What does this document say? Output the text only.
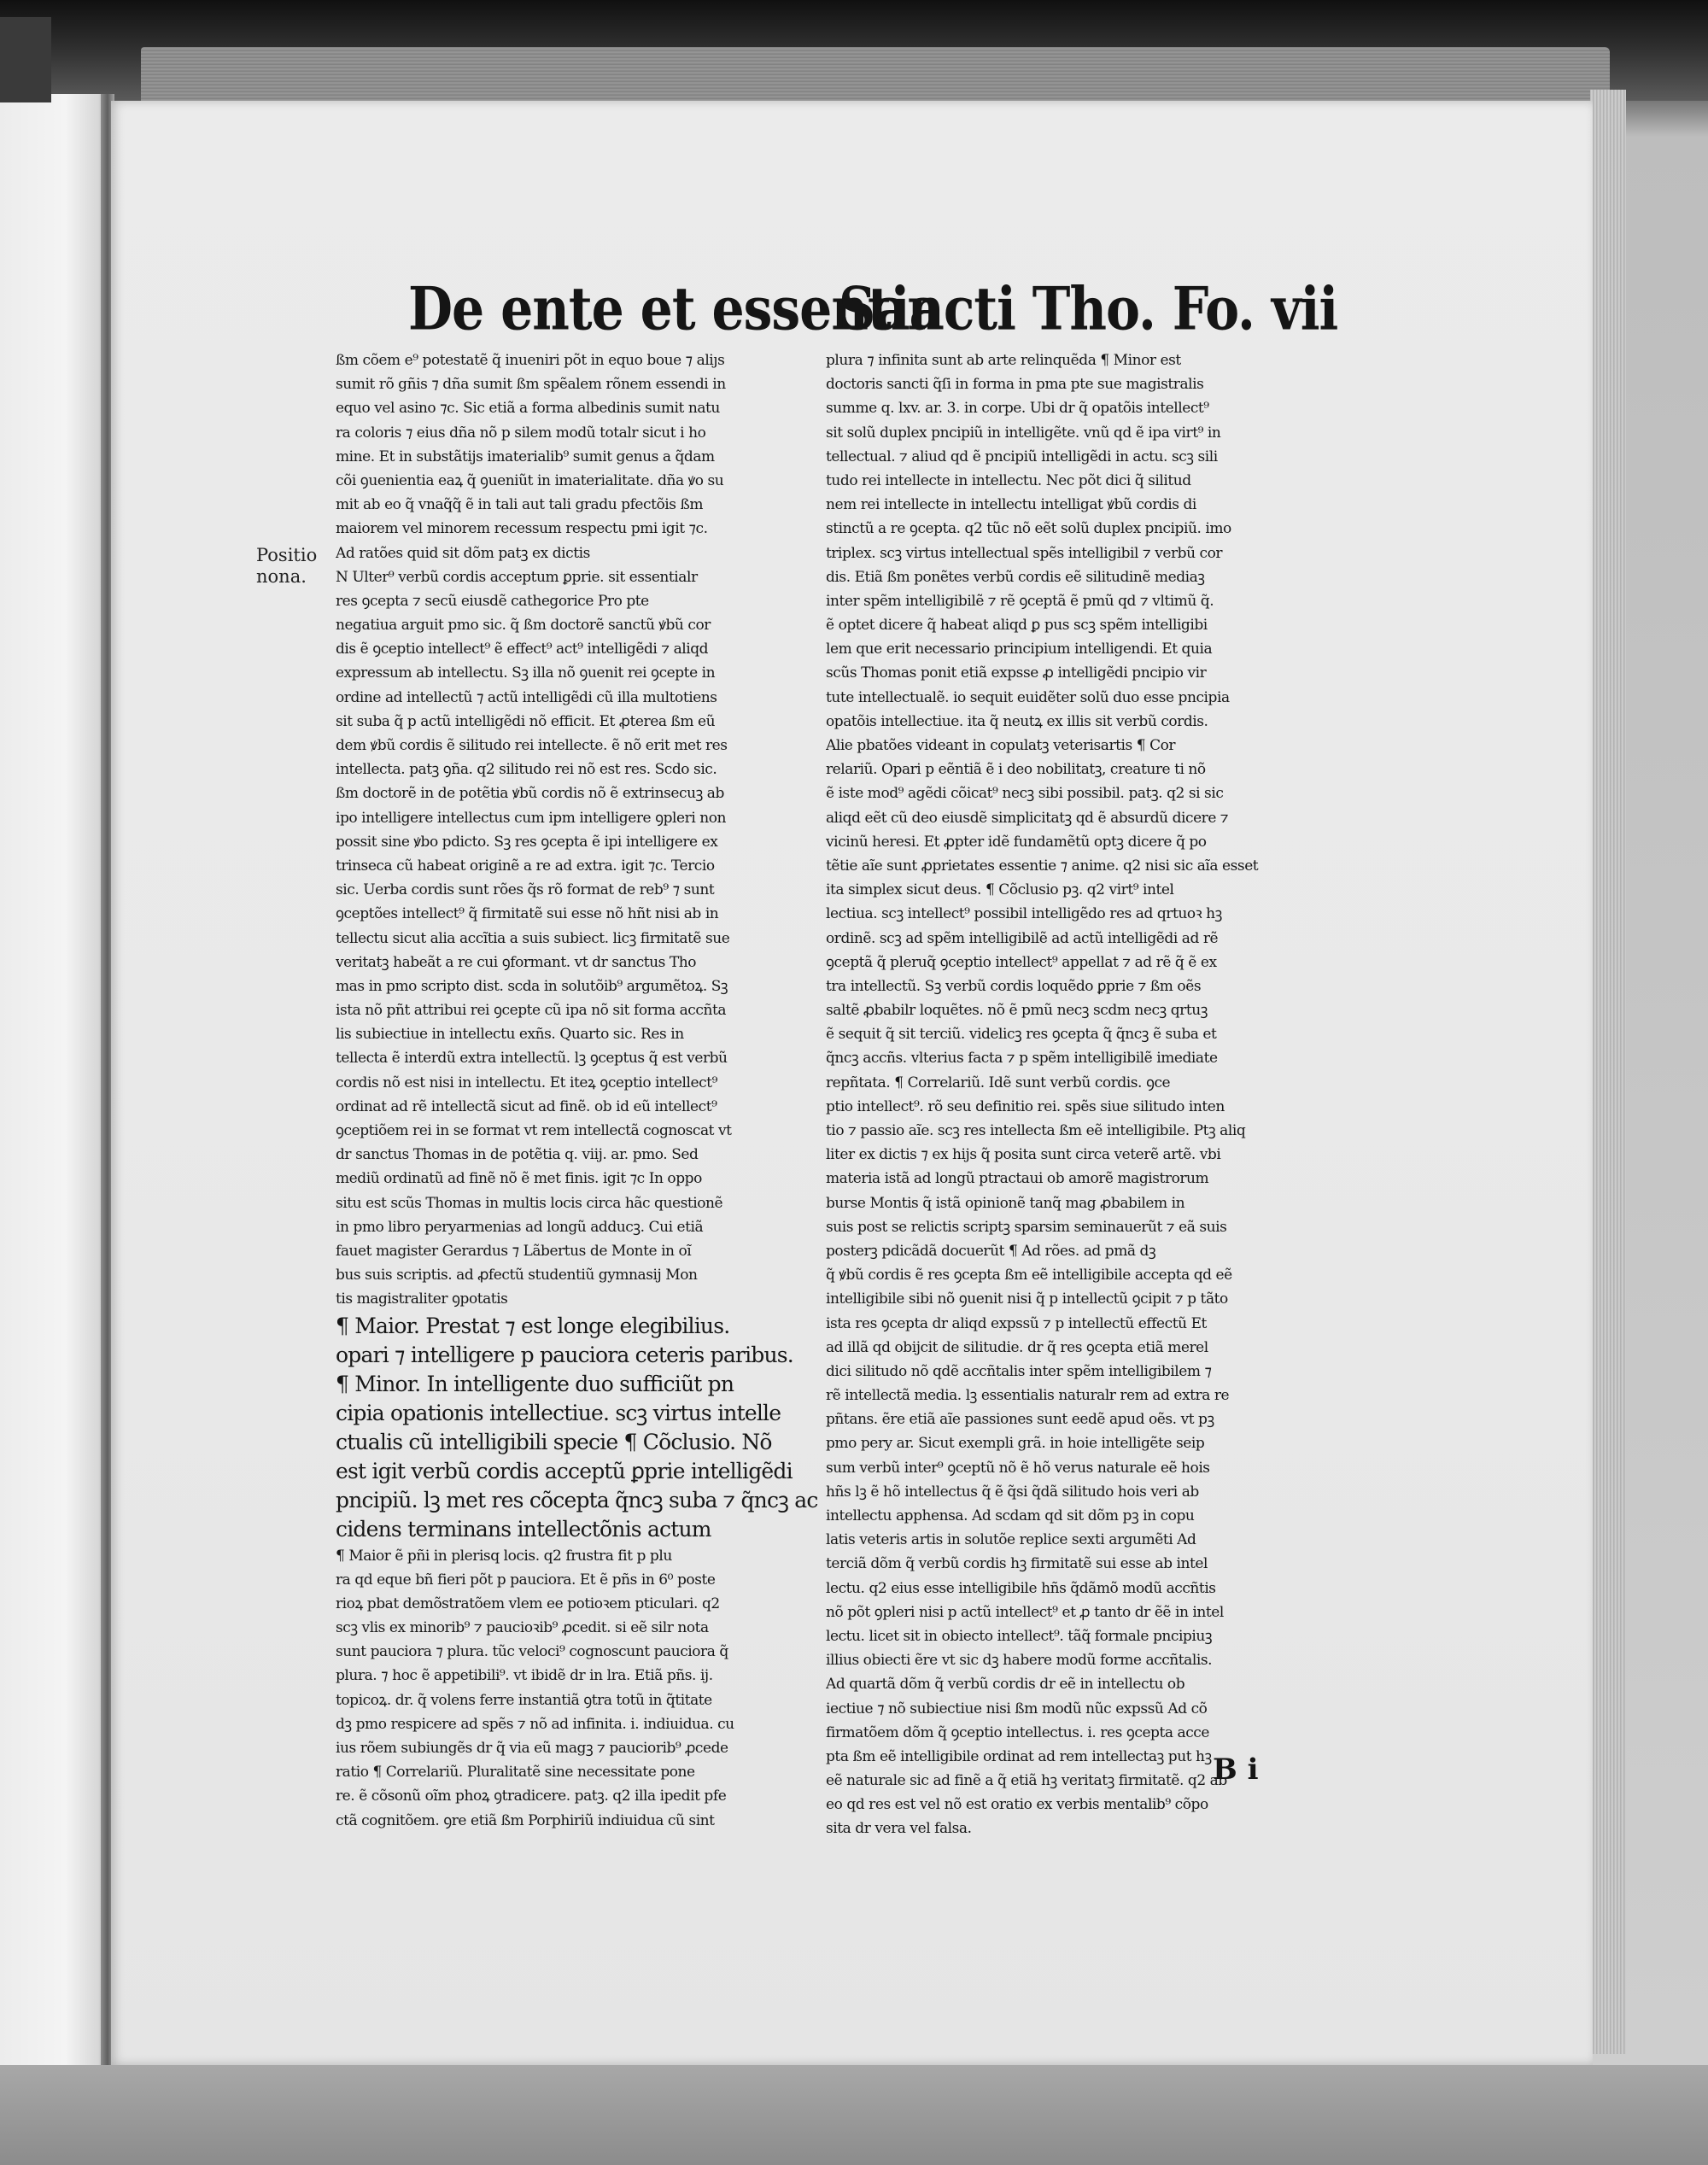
De ente et essentia
Sancti Tho. Fo. vii
Positio
nona.
ßm cõem e⁹ potestatẽ q̃ inueniri põt in equo boue ⁊ aliȷs
sumit rõ gñis ⁊ dña sumit ßm spẽalem rõnem essendi in
equo vel asino ⁊c. Sic etiã a forma albedinis sumit natu
ra coloris ⁊ eius dña nõ p silem modũ totalr sicut i ho
mine. Et in substãtijs imaterialib⁹ sumit genus a q̃dam
cõi ꝯuenientia eaꝝ q̃ ꝯueniũt in imaterialitate. dña ꝟo su
mit ab eo q̃ vnaq̃q̃ ẽ in tali aut tali gradu pfectõis ßm
maiorem vel minorem recessum respectu pmi igit ⁊c.
Ad ratões quid sit dõm patꝫ ex dictis
N Ulter⁹ verbũ cordis acceptum ꝑprie. sit essentialr
res ꝯcepta ⁊ secũ eiusdẽ cathegorice Pro pte
negatiua arguit pmo sic. q̃ ßm doctorẽ sanctũ ꝟbũ cor
dis ẽ ꝯceptio intellect⁹ ẽ effect⁹ act⁹ intelligẽdi ⁊ aliqd
expressum ab intellectu. Sꝫ illa nõ ꝯuenit rei ꝯcepte in
ordine ad intellectũ ⁊ actũ intelligẽdi cũ illa multotiens
sit suba q̃ p actũ intelligẽdi nõ efficit. Et ꝓterea ßm eũ
dem ꝟbũ cordis ẽ silitudo rei intellecte. ẽ nõ erit met res
intellecta. patꝫ ꝯña. q2 silitudo rei nõ est res. Scdo sic.
ßm doctorẽ in de potẽtia ꝟbũ cordis nõ ẽ extrinsecuꝫ ab
ipo intelligere intellectus cum ipm intelligere ꝯpleri non
possit sine ꝟbo pdicto. Sꝫ res ꝯcepta ẽ ipi intelligere ex
trinseca cũ habeat originẽ a re ad extra. igit ⁊c. Tercio
sic. Uerba cordis sunt rões q̃s rõ format de reb⁹ ⁊ sunt
ꝯceptões intellect⁹ q̃ firmitatẽ sui esse nõ hñt nisi ab in
tellectu sicut alia accĩtia a suis subiect. licꝫ firmitatẽ sue
veritatꝫ habeãt a re cui ꝯformant. vt dr sanctus Tho
mas in pmo scripto dist. scda in solutõib⁹ argumẽtoꝝ. Sꝫ
ista nõ pñt attribui rei ꝯcepte cũ ipa nõ sit forma accñta
lis subiectiue in intellectu exñs. Quarto sic. Res in
tellecta ẽ interdũ extra intellectũ. lꝫ ꝯceptus q̃ est verbũ
cordis nõ est nisi in intellectu. Et iteꝝ ꝯceptio intellect⁹
ordinat ad rẽ intellectã sicut ad finẽ. ob id eũ intellect⁹
ꝯceptiõem rei in se format vt rem intellectã cognoscat vt
dr sanctus Thomas in de potẽtia q. viij. ar. pmo. Sed
mediũ ordinatũ ad finẽ nõ ẽ met finis. igit ⁊c In oppo
situ est scũs Thomas in multis locis circa hãc questionẽ
in pmo libro peryarmenias ad longũ adducꝫ. Cui etiã
fauet magister Gerardus ⁊ Lãbertus de Monte in oĩ
bus suis scriptis. ad ꝓfectũ studentiũ gymnasij Mon
tis magistraliter ꝯpotatis
¶ Maior. Prestat ⁊ est longe elegibilius.
opari ⁊ intelligere p pauciora ceteris paribus.
¶ Minor. In intelligente duo sufficiũt pn
cipia opationis intellectiue. scꝫ virtus intelle
ctualis cũ intelligibili specie ¶ Cõclusio. Nõ
est igit verbũ cordis acceptũ ꝑprie intelligẽdi
pncipiũ. lꝫ met res cõcepta q̃ncꝫ suba ⁊ q̃ncꝫ ac
cidens terminans intellectõnis actum
¶ Maior ẽ pñi in plerisq locis. q2 frustra fit p plu
ra qd eque bñ fieri põt p pauciora. Et ẽ pñs in 6⁰ poste
rioꝝ pbat demõstratõem vlem ee potioꝛem pticulari. q2
scꝫ vlis ex minorib⁹ ⁊ paucioꝛib⁹ ꝓcedit. si eẽ silr nota
sunt pauciora ⁊ plura. tũc veloci⁹ cognoscunt pauciora q̃
plura. ⁊ hoc ẽ appetibili⁹. vt ibidẽ dr in lra. Etiã pñs. ij.
topicoꝝ. dr. q̃ volens ferre instantiã ꝯtra totũ in q̃titate
dꝫ pmo respicere ad spẽs ⁊ nõ ad infinita. i. indiuidua. cu
ius rõem subiungẽs dr q̃ via eũ magꝫ ⁊ pauciorib⁹ ꝓcede
ratio ¶ Correlariũ. Pluralitatẽ sine necessitate pone
re. ẽ cõsonũ oĩm phoꝝ ꝯtradicere. patꝫ. q2 illa ipedit pfe
ctã cognitõem. ꝯre etiã ßm Porphiriũ indiuidua cũ sint
plura ⁊ infinita sunt ab arte relinquẽda ¶ Minor est
doctoris sancti q̃ſi in forma in pma pte sue magistralis
summe q. lxv. ar. 3. in corpe. Ubi dr q̃ opatõis intellect⁹
sit solũ duplex pncipiũ in intelligẽte. vnũ qd ẽ ipa virt⁹ in
tellectual. ⁊ aliud qd ẽ pncipiũ intelligẽdi in actu. scꝫ sili
tudo rei intellecte in intellectu. Nec põt dici q̃ silitud
nem rei intellecte in intellectu intelligat ꝟbũ cordis di
stinctũ a re ꝯcepta. q2 tũc nõ eẽt solũ duplex pncipiũ. imo
triplex. scꝫ virtus intellectual spẽs intelligibil ⁊ verbũ cor
dis. Etiã ßm ponẽtes verbũ cordis eẽ silitudinẽ mediaꝫ
inter spẽm intelligibilẽ ⁊ rẽ ꝯceptã ẽ pmũ qd ⁊ vltimũ q̃.
ẽ optet dicere q̃ habeat aliqd ꝑ pus scꝫ spẽm intelligibi
lem que erit necessario principium intelligendi. Et quia
scũs Thomas ponit etiã expsse ꝓ intelligẽdi pncipio vir
tute intellectualẽ. io sequit euidẽter solũ duo esse pncipia
opatõis intellectiue. ita q̃ neutꝝ ex illis sit verbũ cordis.
Alie pbatões videant in copulatꝫ veterisartis ¶ Cor
relariũ. Opari p eẽntiã ẽ i deo nobilitatꝫ, creature ti nõ
ẽ iste mod⁹ agẽdi cõicat⁹ necꝫ sibi possibil. patꝫ. q2 si sic
aliqd eẽt cũ deo eiusdẽ simplicitatꝫ qd ẽ absurdũ dicere ⁊
vicinũ heresi. Et ꝓpter idẽ fundamẽtũ optꝫ dicere q̃ po
tẽtie aĩe sunt ꝓprietates essentie ⁊ anime. q2 nisi sic aĩa esset
ita simplex sicut deus. ¶ Cõclusio pꝫ. q2 virt⁹ intel
lectiua. scꝫ intellect⁹ possibil intelligẽdo res ad qrtuoꝛ hꝫ
ordinẽ. scꝫ ad spẽm intelligibilẽ ad actũ intelligẽdi ad rẽ
ꝯceptã q̃ pleruq̃ ꝯceptio intellect⁹ appellat ⁊ ad rẽ q̃ ẽ ex
tra intellectũ. Sꝫ verbũ cordis loquẽdo ꝑprie ⁊ ßm oẽs
saltẽ ꝓbabilr loquẽtes. nõ ẽ pmũ necꝫ scdm necꝫ qrtuꝫ
ẽ sequit q̃ sit terciũ. videlicꝫ res ꝯcepta q̃ q̃ncꝫ ẽ suba et
q̃ncꝫ accñs. vlterius facta ⁊ p spẽm intelligibilẽ imediate
repñtata. ¶ Correlariũ. Idẽ sunt verbũ cordis. ꝯce
ptio intellect⁹. rõ seu definitio rei. spẽs siue silitudo inten
tio ⁊ passio aĩe. scꝫ res intellecta ßm eẽ intelligibile. Ptꝫ aliq
liter ex dictis ⁊ ex hijs q̃ posita sunt circa veterẽ artẽ. vbi
materia istã ad longũ ptractaui ob amorẽ magistrorum
burse Montis q̃ istã opinionẽ tanq̃ mag ꝓbabilem in
suis post se relictis scriptꝫ sparsim seminauerũt ⁊ eã suis
posterꝫ pdicãdã docuerũt ¶ Ad rões. ad pmã dꝫ
q̃ ꝟbũ cordis ẽ res ꝯcepta ßm eẽ intelligibile accepta qd eẽ
intelligibile sibi nõ ꝯuenit nisi q̃ p intellectũ ꝯcipit ⁊ p tãto
ista res ꝯcepta dr aliqd expssũ ⁊ p intellectũ effectũ Et
ad illã qd obijcit de silitudie. dr q̃ res ꝯcepta etiã merel
dici silitudo nõ qdẽ accñtalis inter spẽm intelligibilem ⁊
rẽ intellectã media. lꝫ essentialis naturalr rem ad extra re
pñtans. ẽre etiã aĩe passiones sunt eedẽ apud oẽs. vt pꝫ
pmo pery ar. Sicut exempli grã. in hoie intelligẽte seip
sum verbũ inter⁹ ꝯceptũ nõ ẽ hõ verus naturale eẽ hois
hñs lꝫ ẽ hõ intellectus q̃ ẽ q̃si q̃dã silitudo hois veri ab
intellectu apphensa. Ad scdam qd sit dõm pꝫ in copu
latis veteris artis in solutõe replice sexti argumẽti Ad
terciã dõm q̃ verbũ cordis hꝫ firmitatẽ sui esse ab intel
lectu. q2 eius esse intelligibile hñs q̃dãmõ modũ accñtis
nõ põt ꝯpleri nisi p actũ intellect⁹ et ꝓ tanto dr ẽẽ in intel
lectu. licet sit in obiecto intellect⁹. tãq̃ formale pncipiuꝫ
illius obiecti ẽre vt sic dꝫ habere modũ forme accñtalis.
Ad quartã dõm q̃ verbũ cordis dr eẽ in intellectu ob
iectiue ⁊ nõ subiectiue nisi ßm modũ nũc expssũ Ad cõ
firmatõem dõm q̃ ꝯceptio intellectus. i. res ꝯcepta acce
pta ßm eẽ intelligibile ordinat ad rem intellectaꝫ put hꝫ
eẽ naturale sic ad finẽ a q̃ etiã hꝫ veritatꝫ firmitatẽ. q2 ab
eo qd res est vel nõ est oratio ex verbis mentalib⁹ cõpo
sita dr vera vel falsa.
B i
